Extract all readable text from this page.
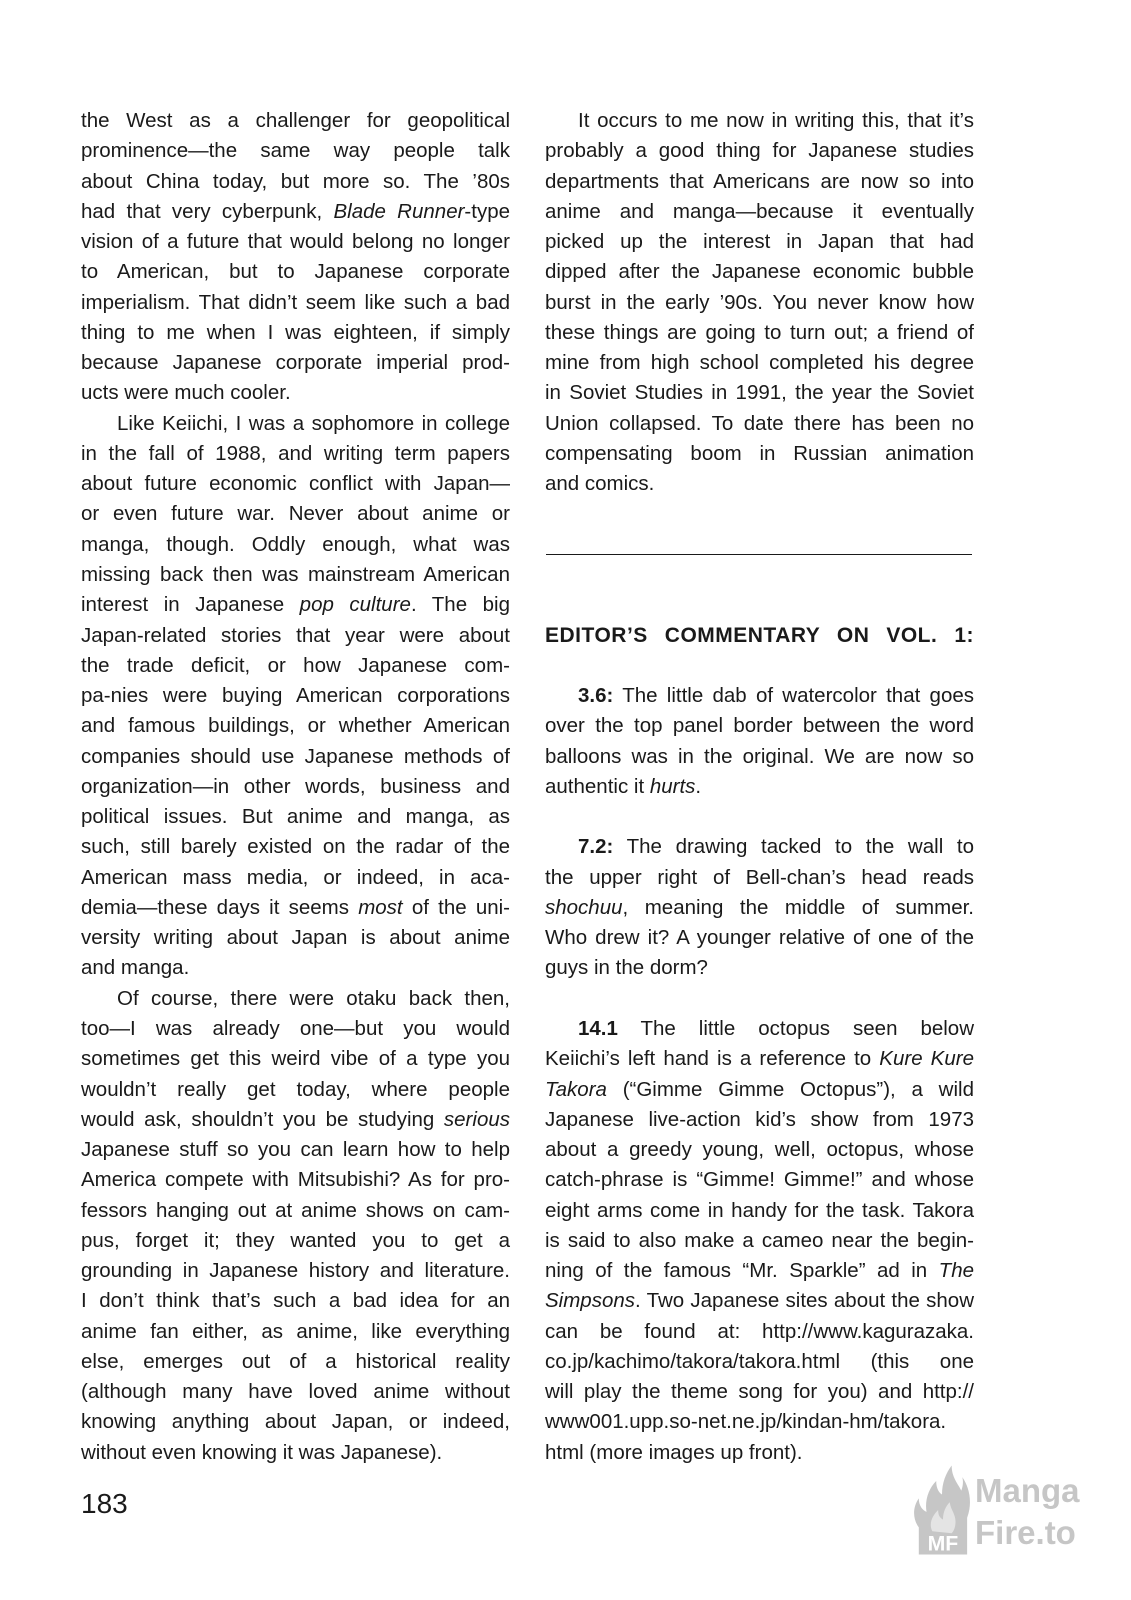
the West as a challenger for geopolitical
prominence—the same way people talk
about China today, but more so. The ’80s
had that very cyberpunk, Blade Runner-type
vision of a future that would belong no longer
to American, but to Japanese corporate
imperialism. That didn’t seem like such a bad
thing to me when I was eighteen, if simply
because Japanese corporate imperial prod-
ucts were much cooler.
Like Keiichi, I was a sophomore in college
in the fall of 1988, and writing term papers
about future economic conflict with Japan—
or even future war. Never about anime or
manga, though. Oddly enough, what was
missing back then was mainstream American
interest in Japanese pop culture. The big
Japan-related stories that year were about
the trade deficit, or how Japanese com-
pa-nies were buying American corporations
and famous buildings, or whether American
companies should use Japanese methods of
organization—in other words, business and
political issues. But anime and manga, as
such, still barely existed on the radar of the
American mass media, or indeed, in aca-
demia—these days it seems most of the uni-
versity writing about Japan is about anime
and manga.
Of course, there were otaku back then,
too—I was already one—but you would
sometimes get this weird vibe of a type you
wouldn’t really get today, where people
would ask, shouldn’t you be studying serious
Japanese stuff so you can learn how to help
America compete with Mitsubishi? As for pro-
fessors hanging out at anime shows on cam-
pus, forget it; they wanted you to get a
grounding in Japanese history and literature.
I don’t think that’s such a bad idea for an
anime fan either, as anime, like everything
else, emerges out of a historical reality
(although many have loved anime without
knowing anything about Japan, or indeed,
without even knowing it was Japanese).
It occurs to me now in writing this, that it’s
probably a good thing for Japanese studies
departments that Americans are now so into
anime and manga—because it eventually
picked up the interest in Japan that had
dipped after the Japanese economic bubble
burst in the early ’90s. You never know how
these things are going to turn out; a friend of
mine from high school completed his degree
in Soviet Studies in 1991, the year the Soviet
Union collapsed. To date there has been no
compensating boom in Russian animation
and comics.
EDITOR’S COMMENTARY ON VOL. 1:
3.6: The little dab of watercolor that goes
over the top panel border between the word
balloons was in the original. We are now so
authentic it hurts.
7.2: The drawing tacked to the wall to
the upper right of Bell-chan’s head reads
shochuu, meaning the middle of summer.
Who drew it? A younger relative of one of the
guys in the dorm?
14.1 The little octopus seen below
Keiichi’s left hand is a reference to Kure Kure
Takora (“Gimme Gimme Octopus”), a wild
Japanese live-action kid’s show from 1973
about a greedy young, well, octopus, whose
catch-phrase is “Gimme! Gimme!” and whose
eight arms come in handy for the task. Takora
is said to also make a cameo near the begin-
ning of the famous “Mr. Sparkle” ad in The
Simpsons. Two Japanese sites about the show
can be found at: http://www.kagurazaka.
co.jp/kachimo/takora/takora.html (this one
will play the theme song for you) and http://
www001.upp.so-net.ne.jp/kindan-hm/takora.
html (more images up front).
183
MF
Manga
Fire.to
